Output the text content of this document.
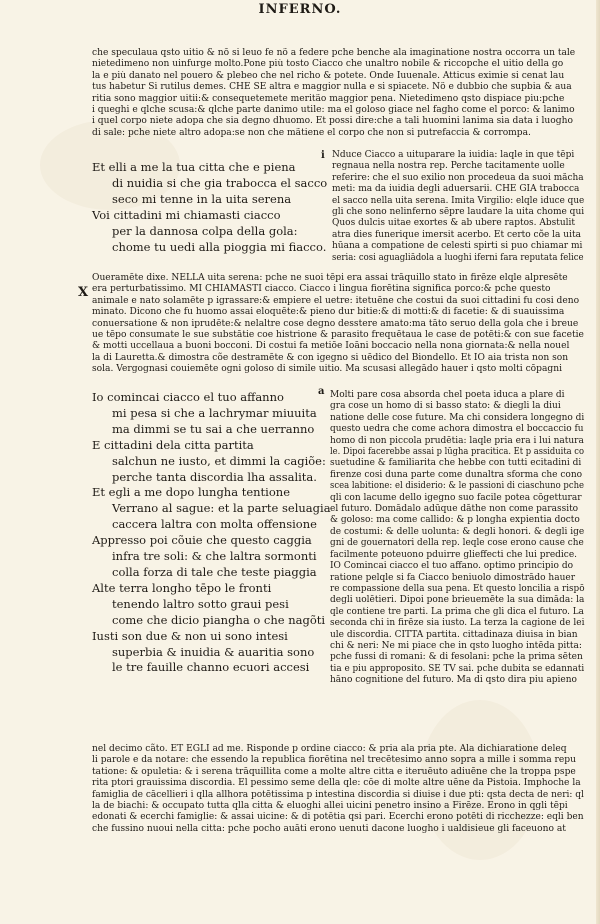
INFERNO.
che speculaua qsto uitio & nõ si leuo fe nõ a federe pche benche ala imaginatione nostra occorra un tale
nietedimeno non uinfurge molto.Pone più tosto Ciacco che unaltro nobile & riccopche el uitio della go
la e più danato nel pouero & plebeo che nel richo & potete. Onde Iuuenale. Atticus eximie si cenat lau
tus habetur Si rutilus demes. CHE SE altra e maggior nulla e si spiacete. Nõ e dubbio che supbia & aua
ritia sono maggior uitii:& consequetemete meritão maggior pena. Nietedimeno qsto dispiace piu:pche
i queghi e qlche scusa:& qlche parte danimo utile: ma el goloso giace nel fagho come el porco: & lanimo
i quel corpo niete adopa che sia degno dhuomo. Et possi dire:che a tali huomini lanima sia data i luogho
di sale: pche niete altro adopa:se non che mãtiene el corpo che non si putrefaccia & corrompa.
Et elli a me la tua citta che e piena
di nuidia si che gia trabocca el sacco
seco mi tenne in la uita serena
Voi cittadini mi chiamasti ciacco
per la dannosa colpa della gola:
chome tu uedi alla pioggia mi fiacco.
i Nduce Ciacco a uituparare la iuidia: laqle in que tēpi
regnaua nella nostra rep. Perche tacitamente uolle
referire: che el suo exilio non procedeua da suoi măcha
meti: ma da iuidia degli aduersarii. CHE GIA trabocca
el sacco nella uita serena. Imita Virgilio: elqle iduce que
gli che sono nelinferno sēpre laudare la uita chome qui
Quos dulcis uitae exortes & ab ubere raptos. Abstulit
atra dies funerique imersit acerbo. Et certo cõe la uita
hūana a compatione de celesti spirti si puo chiamar mi
seria: cosi aguagliādola a luoghi iferni fara reputata felice
X
Oueramēte dixe. NELLA uita serena: pche ne suoi tēpi era assai trāquillo stato in firēze elqle alpresēte
era perturbatissimo. MI CHIAMASTI ciacco. Ciacco i lingua fiorētina significa porco:& pche questo
animale e nato solamēte p igrassare:& empiere el uetre: itetuēne che costui da suoi cittadini fu cosi deno
minato. Dicono che fu huomo assai eloquēte:& pieno dur bitie:& di motti:& di facetie: & di suauissima
conuersatione & non iprudēte:& nelaltre cose degno desstere amato:ma tāto seruo della gola che i breue
ue tēpo consumate le sue substātie coe histrione & parasito frequētaua le case de potēti:& con sue facetie
& motti uccellaua a buoni bocconi. Di costui fa metiōe Ioāni boccacio nella nona giornata:& nella nouel
la di Lauretta.& dimostra cõe destramēte & con igegno si uēdico del Biondello. Et IO aia trista non son
sola. Vergognasi couiemēte ogni goloso di simile uitio. Ma scusasi allegādo hauer i qsto molti cōpagni
Io comincai ciacco el tuo affanno
mi pesa si che a lachrymar miuuita
ma dimmi se tu sai a che uerranno
E cittadini dela citta partita
salchun ne iusto, et dimmi la cagiõe:
perche tanta discordia lha assalita.
Et egli a me dopo lungha tentione
Verrano al sague: et la parte seluagia
caccera laltra con molta offensione
Appresso poi cõuie che questo caggia
infra tre soli: & che laltra sormonti
colla forza di tale che teste piaggia
Alte terra longho tēpo le fronti
tenendo laltro sotto graui pesi
come che dicio piangha o che nagõti
Iusti son due & non ui sono intesi
superbia & inuidia & auaritia sono
le tre fauille channo ecuori accesi
a Molti pare cosa absorda chel poeta iduca a plare di
gra cose un homo di si basso stato: & diegli la diui
natione delle cose future. Ma chi considera longegno di
questo uedra che come achora dimostra el boccaccio fu
homo di non piccola prudētia: laqle pria era i lui natura
le. Dipoi facerebbe assai p lūgha pracitica. Et p assiduita co
suetudine & familiarita che hebbe con tutti ecitadini di
firenze cosi duna parte come dunaltra sforma che cono
scea labitione: el disiderio: & le passioni di ciaschuno pche
qli con lacume dello igegno suo facile potea cōgetturar
el futuro. Domādalo adūque dāthe non come parassito
& goloso: ma come callido: & p longha expientia docto
de costumi: & delle uolunta: & degli honori. & degli ige
gni de gouernatori della rep. leqle cose erono cause che
facilmente poteuono pduirre glieffecti che lui predice.
IO Comincai ciacco el tuo affano. optimo principio do
ratione pelqle si fa Ciacco beniuolo dimostrādo hauer
re compassione della sua pena. Et questo loncilia a rispō
degli uolētieri. Dipoi pone brieuemēte la sua dimāda: la
qle contiene tre parti. La prima che gli dica el futuro. La
seconda chi in firēze sia iusto. La terza la cagione de lei
ule discordia. CITTA partita. cittadinaza diuisa in bian
chi & neri: Ne mi piace che in qsto luogho intēda pitta:
pche fussi di romani: & di fesolani: pche la prima sēten
tia e piu approposito. SE TV sai. pche dubita se edannati
hāno cognitione del futuro. Ma di qsto dira piu apieno
nel decimo cãto. ET EGLI ad me. Risponde p ordine ciacco: & pria ala pria pte. Ala dichiaratione deleq
li parole e da notare: che essendo la republica fiorētina nel trecētesimo anno sopra a mille i somma repu
tatione: & opuletia: & i serena trāquillita come a molte altre citta e iteruēuto adiuēne che la troppa pspe
rita ptori grauissima discordia. El pessimo seme della qle: cōe di molte altre uēne da Pistoia. Imphoche la
famiglia de cācellieri i qlla allhora potētissima p intestina discordia si diuise i due pti: qsta decta de neri: ql
la de biachi: & occupato tutta qlla citta & eluoghi allei uicini penetro insino a Firēze. Erono in qgli tēpi
edonati & ecerchi famiglie: & assai uicine: & di potētia qsi pari. Ecerchi erono potēti di ricchezze: eqli ben
che fussino nuoui nella citta: pche pocho auāti erono uenuti dacone luogho i ualdisieue gli faceuono at
